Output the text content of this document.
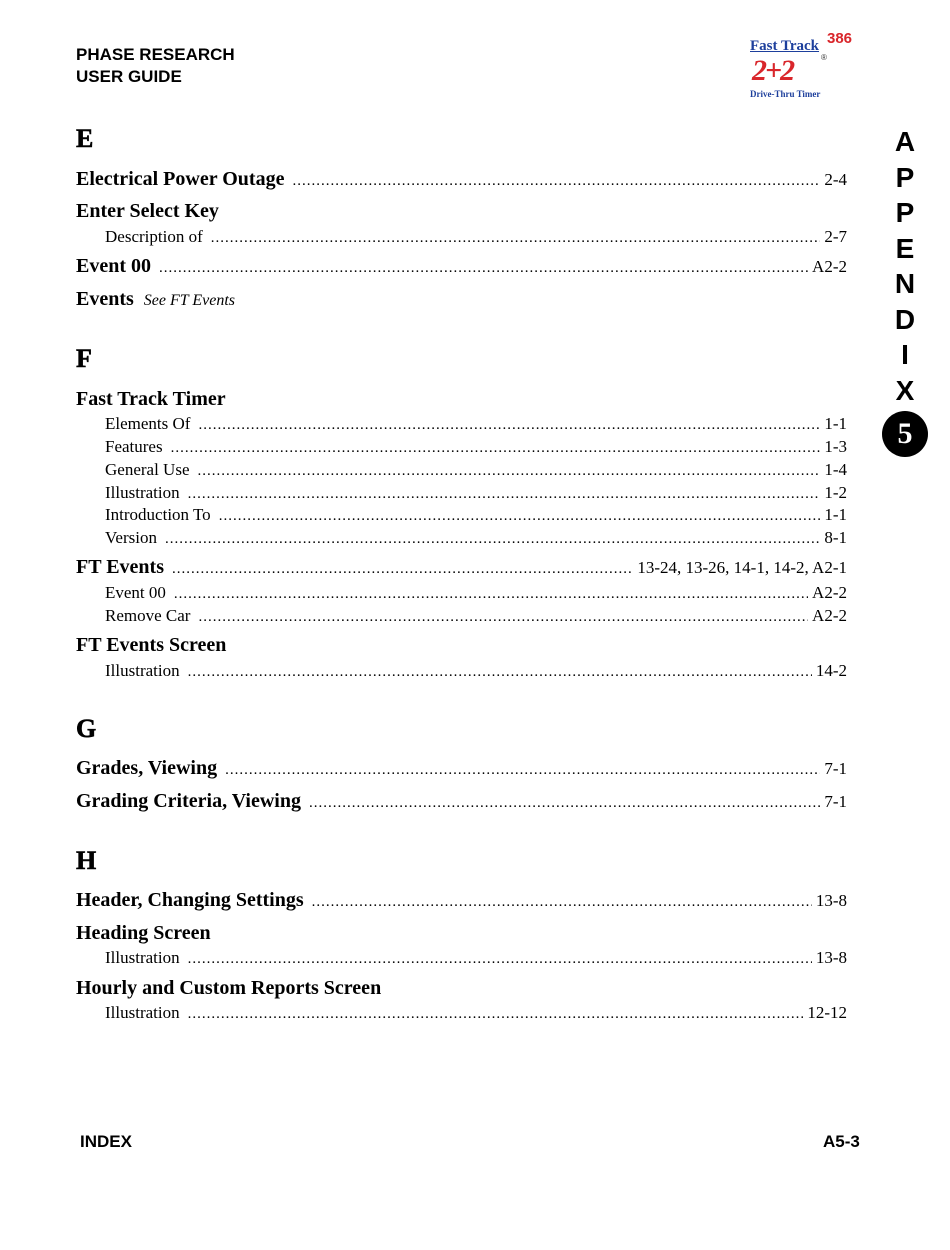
PHASE RESEARCH
USER GUIDE
Fast Track 386
®
2+2
Drive-Thru Timer
A
P
P
E
N
D
I
X
5
E
Electrical Power Outage .....	2-4
Enter Select Key
Description of .....	2-7
Event 00 .....	A2-2
Events See FT Events
F
Fast Track Timer
Elements Of .....	1-1
Features .....	1-3
General Use .....	1-4
Illustration .....	1-2
Introduction To .....	1-1
Version .....	8-1
FT Events .....	13-24, 13-26, 14-1, 14-2, A2-1
Event 00 .....	A2-2
Remove Car .....	A2-2
FT Events Screen
Illustration .....	14-2
G
Grades, Viewing .....	7-1
Grading Criteria, Viewing .....	7-1
H
Header, Changing Settings .....	13-8
Heading Screen
Illustration .....	13-8
Hourly and Custom Reports Screen
Illustration .....	12-12
INDEX	A5-3
